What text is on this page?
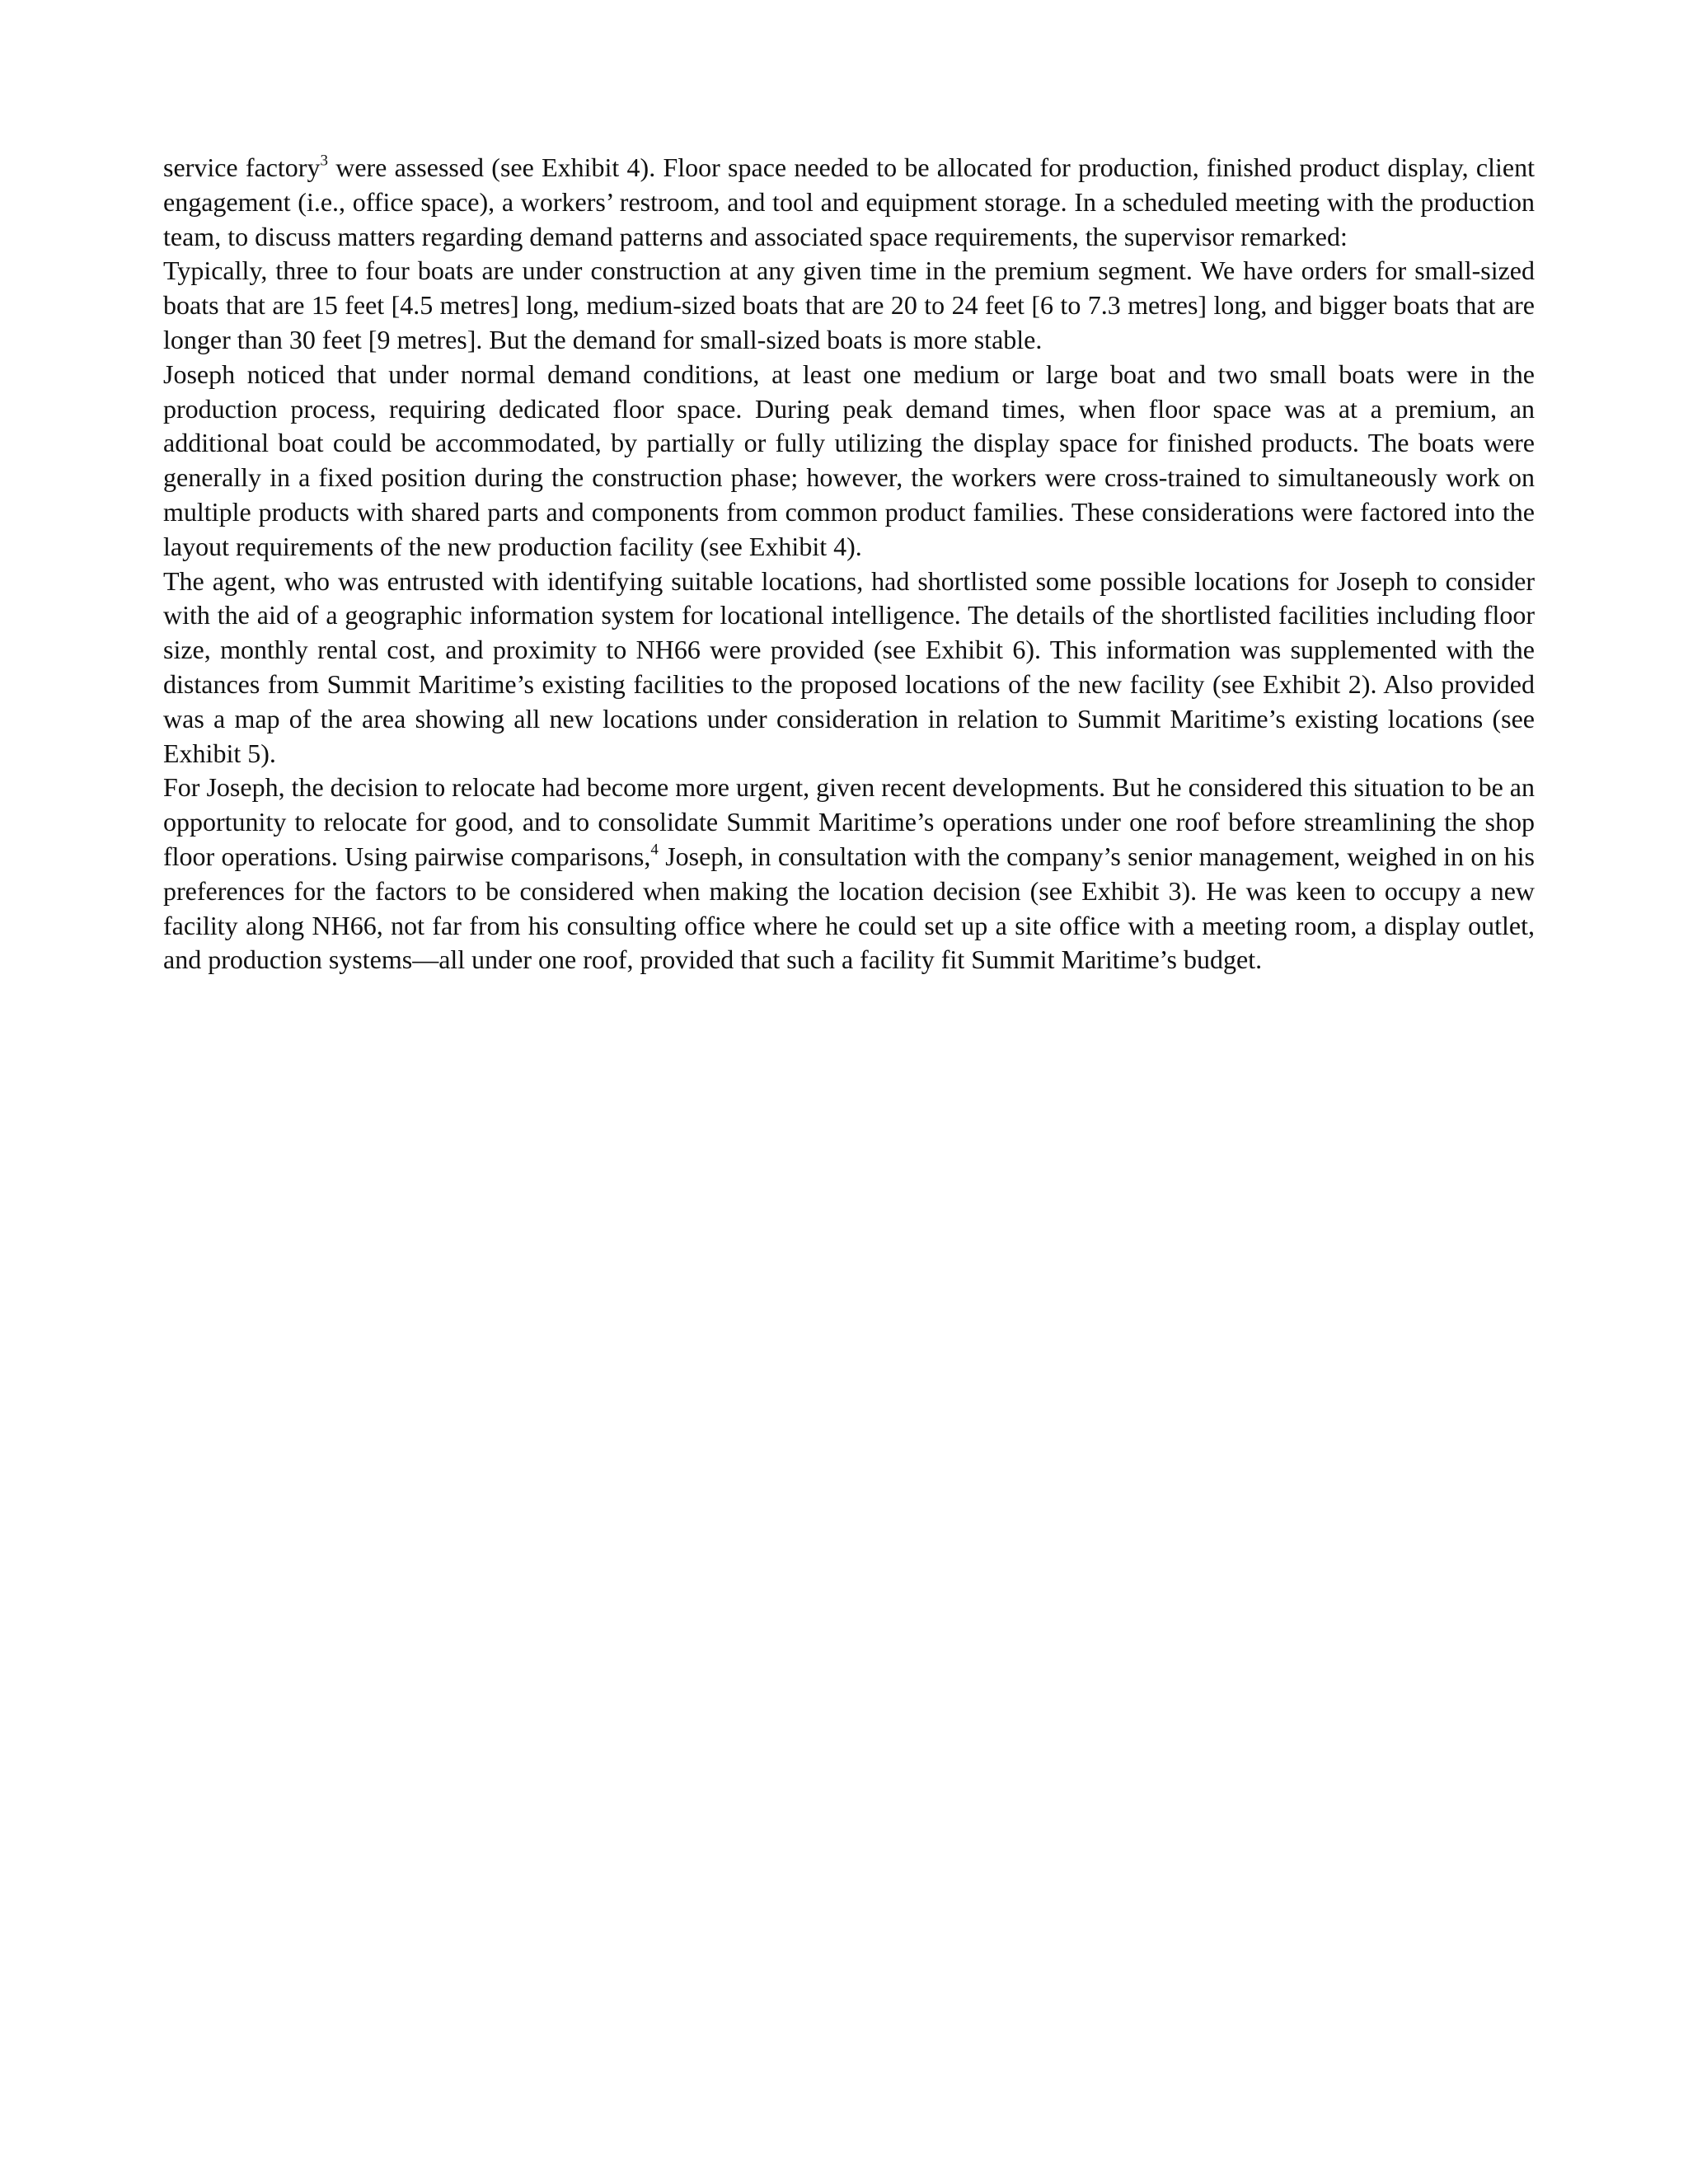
service factory$^3$ were assessed (see Exhibit 4). Floor space needed to be allocated for production, finished product display, client engagement (i.e., office space), a workers’ restroom, and tool and equipment storage. In a scheduled meeting with the production team, to discuss matters regarding demand patterns and associated space requirements, the supervisor remarked:

Typically, three to four boats are under construction at any given time in the premium segment. We have orders for small-sized boats that are 15 feet [4.5 metres] long, medium-sized boats that are 20 to 24 feet [6 to 7.3 metres] long, and bigger boats that are longer than 30 feet [9 metres]. But the demand for small-sized boats is more stable.

Joseph noticed that under normal demand conditions, at least one medium or large boat and two small boats were in the production process, requiring dedicated floor space. During peak demand times, when floor space was at a premium, an additional boat could be accommodated, by partially or fully utilizing the display space for finished products. The boats were generally in a fixed position during the construction phase; however, the workers were cross-trained to simultaneously work on multiple products with shared parts and components from common product families. These considerations were factored into the layout requirements of the new production facility (see Exhibit 4).

The agent, who was entrusted with identifying suitable locations, had shortlisted some possible locations for Joseph to consider with the aid of a geographic information system for locational intelligence. The details of the shortlisted facilities including floor size, monthly rental cost, and proximity to NH66 were provided (see Exhibit 6). This information was supplemented with the distances from Summit Maritime’s existing facilities to the proposed locations of the new facility (see Exhibit 2). Also provided was a map of the area showing all new locations under consideration in relation to Summit Maritime’s existing locations (see Exhibit 5).

For Joseph, the decision to relocate had become more urgent, given recent developments. But he considered this situation to be an opportunity to relocate for good, and to consolidate Summit Maritime’s operations under one roof before streamlining the shop floor operations. Using pairwise comparisons,$^4$ Joseph, in consultation with the company’s senior management, weighed in on his preferences for the factors to be considered when making the location decision (see Exhibit 3). He was keen to occupy a new facility along NH66, not far from his consulting office where he could set up a site office with a meeting room, a display outlet, and production systems—all under one roof, provided that such a facility fit Summit Maritime’s budget.
